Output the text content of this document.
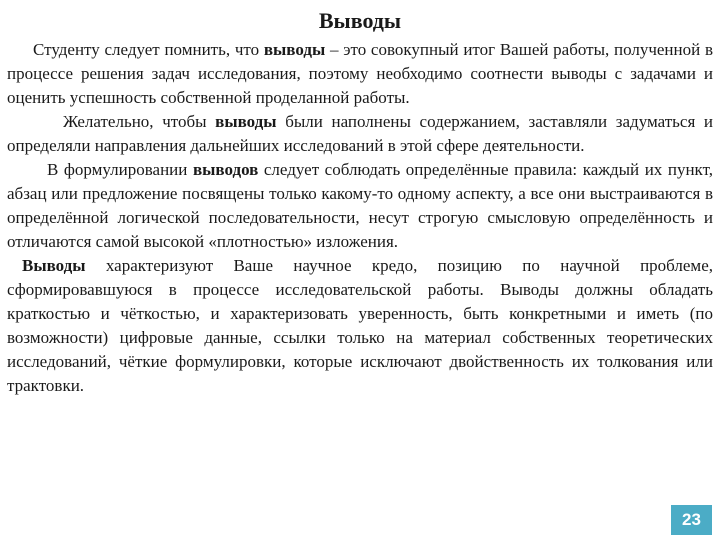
Выводы

Студенту следует помнить, что выводы – это совокупный итог Вашей работы, полученной в процессе решения задач исследования, поэтому необходимо соотнести выводы с задачами и оценить успешность собственной проделанной работы.

Желательно, чтобы выводы были наполнены содержанием, заставляли задуматься и определяли направления дальнейших исследований в этой сфере деятельности.

В формулировании выводов следует соблюдать определённые правила: каждый их пункт, абзац или предложение посвящены только какому-то одному аспекту, а все они выстраиваются в определённой логической последовательности, несут строгую смысловую определённость и отличаются самой высокой «плотностью» изложения.

Выводы характеризуют Ваше научное кредо, позицию по научной проблеме, сформировавшуюся в процессе исследовательской работы. Выводы должны обладать краткостью и чёткостью, и характеризовать уверенность, быть конкретными и иметь (по возможности) цифровые данные, ссылки только на материал собственных теоретических исследований, чёткие формулировки, которые исключают двойственность их толкования или трактовки.

23
